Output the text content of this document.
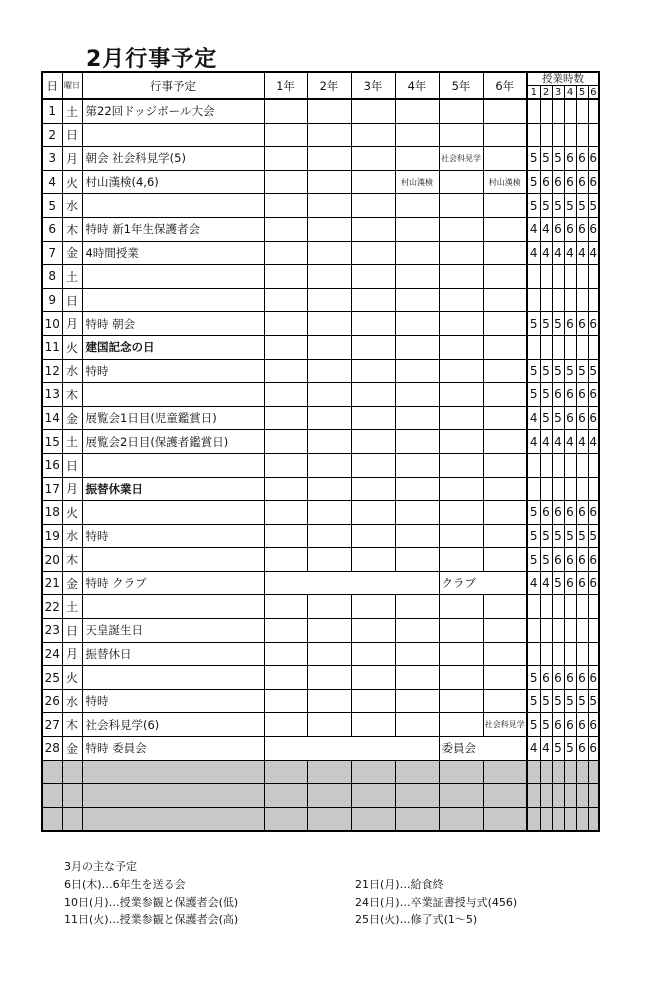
2月行事予定
日	曜日	行事予定	1年	2年	3年	4年	5年	6年	授業時数					
									1	2	3	4	5	6
1	土	第22回ドッジボール大会												
2	日													
3	月	朝会 社会科見学(5)					社会科見学		5	5	5	6	6	6
4	火	村山漢検(4,6)				村山漢検		村山漢検	5	6	6	6	6	6
5	水								5	5	5	5	5	5
6	木	特時 新1年生保護者会							4	4	6	6	6	6
7	金	4時間授業							4	4	4	4	4	4
8	土													
9	日													
10	月	特時 朝会							5	5	5	6	6	6
11	火	建国記念の日												
12	水	特時							5	5	5	5	5	5
13	木								5	5	6	6	6	6
14	金	展覧会1日目(児童鑑賞日)							4	5	5	6	6	6
15	土	展覧会2日目(保護者鑑賞日)							4	4	4	4	4	4
16	日													
17	月	振替休業日												
18	火								5	6	6	6	6	6
19	水	特時							5	5	5	5	5	5
20	木								5	5	6	6	6	6
21	金	特時 クラブ					クラブ		4	4	5	6	6	6
22	土													
23	日	天皇誕生日												
24	月	振替休日												
25	火								5	6	6	6	6	6
26	水	特時							5	5	5	5	5	5
27	木	社会科見学(6)						社会科見学	5	5	6	6	6	6
28	金	特時 委員会					委員会		4	4	5	5	6	6

3月の主な予定
6日(木)…6年生を送る会
10日(月)…授業参観と保護者会(低)
11日(火)…授業参観と保護者会(高)
21日(月)…給食終
24日(月)…卒業証書授与式(456)
25日(火)…修了式(1〜5)
